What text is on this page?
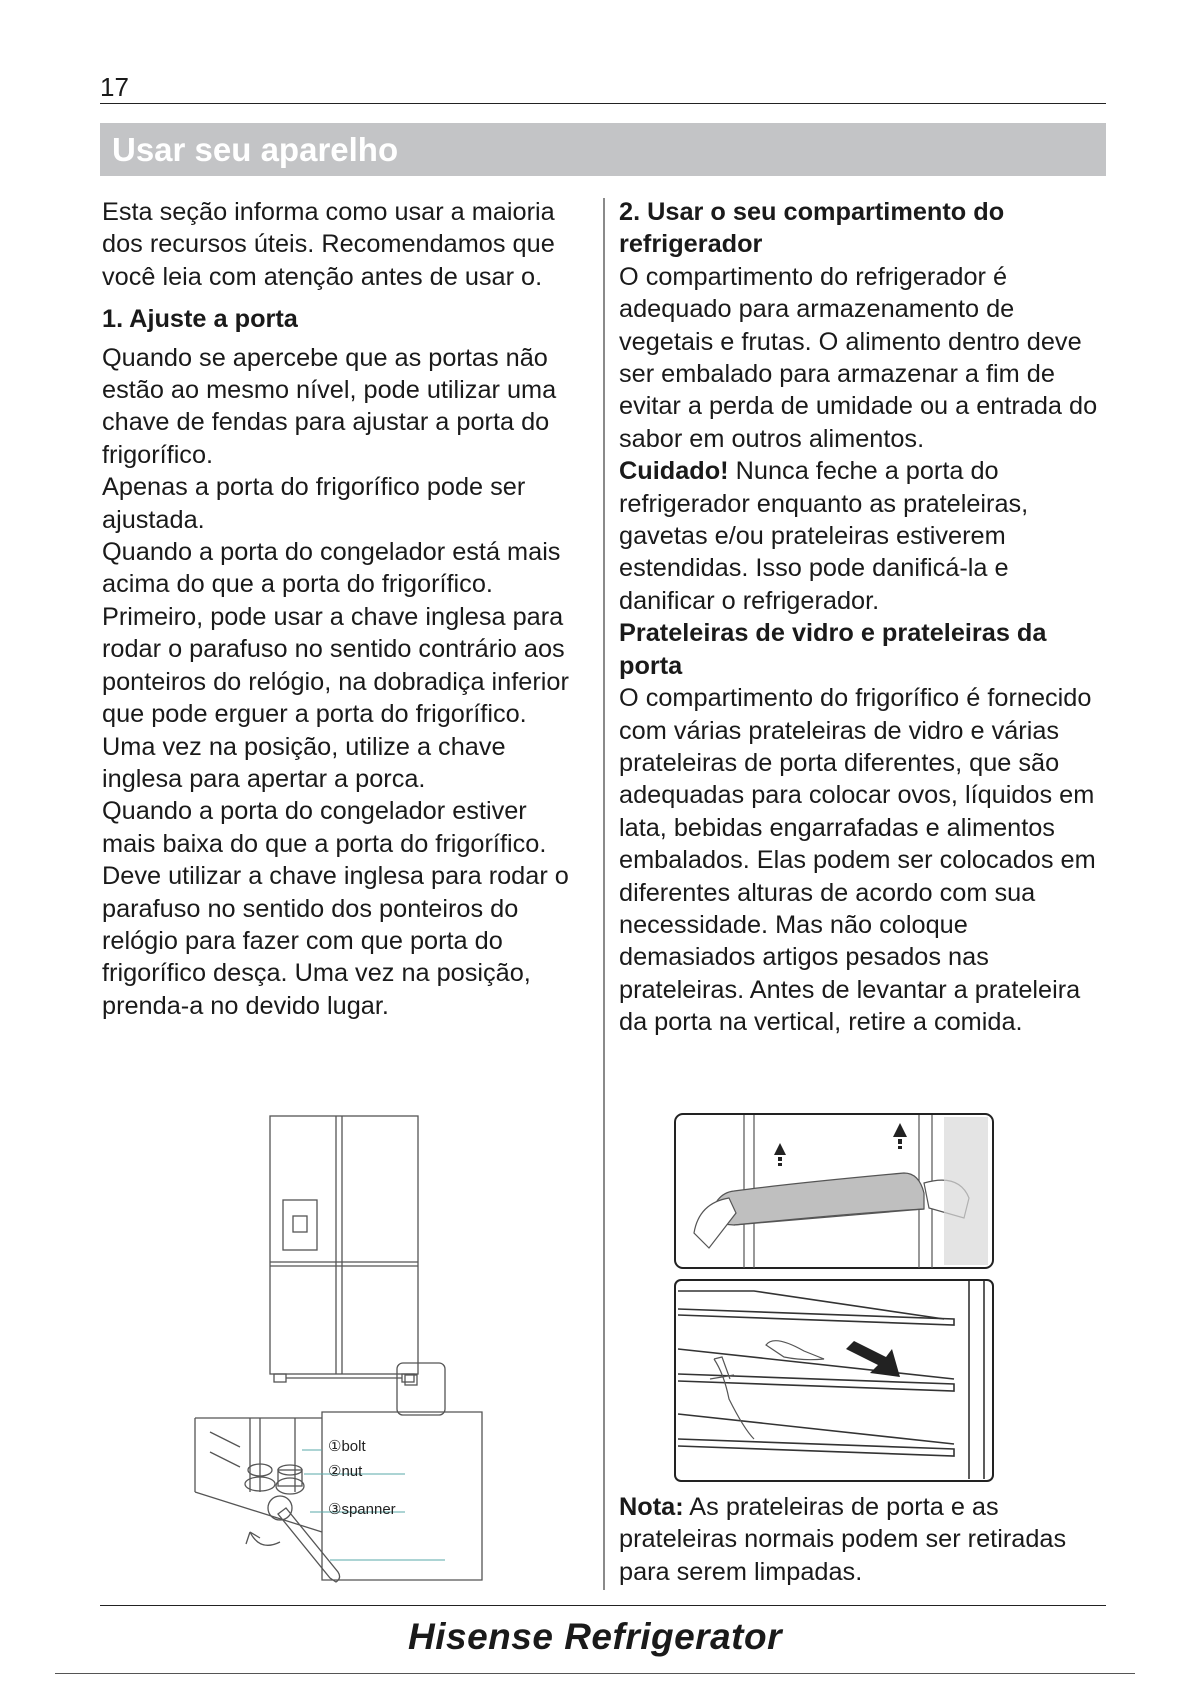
17
Usar seu aparelho

Esta seção informa como usar a maioria dos recursos úteis. Recomendamos que você leia com atenção antes de usar o.

1. Ajuste a porta

Quando se apercebe que as portas não estão ao mesmo nível, pode utilizar uma chave de fendas para ajustar a porta do frigorífico.

Apenas a porta do frigorífico pode ser ajustada.

Quando a porta do congelador está mais acima do que a porta do frigorífico. Primeiro, pode usar a chave inglesa para rodar o parafuso no sentido contrário aos ponteiros do relógio, na dobradiça inferior que pode erguer a porta do frigorífico. Uma vez na posição, utilize a chave inglesa para apertar a porca.

Quando a porta do congelador estiver mais baixa do que a porta do frigorífico. Deve utilizar a chave inglesa para rodar o parafuso no sentido dos ponteiros do relógio para fazer com que porta do frigorífico desça. Uma vez na posição, prenda-a no devido lugar.

2. Usar o seu compartimento do refrigerador

O compartimento do refrigerador é adequado para armazenamento de vegetais e frutas. O alimento dentro deve ser embalado para armazenar a fim de evitar a perda de umidade ou a entrada do sabor em outros alimentos.

Cuidado! Nunca feche a porta do refrigerador enquanto as prateleiras, gavetas e/ou prateleiras estiverem estendidas. Isso pode danificá-la e danificar o refrigerador.

Prateleiras de vidro e prateleiras da porta

O compartimento do frigorífico é fornecido com várias prateleiras de vidro e várias prateleiras de porta diferentes, que são adequadas para colocar ovos, líquidos em lata, bebidas engarrafadas e alimentos embalados. Elas podem ser colocados em diferentes alturas de acordo com sua necessidade. Mas não coloque demasiados artigos pesados nas prateleiras. Antes de levantar a prateleira da porta na vertical, retire a comida.

①bolt
②nut
③spanner	Nota: As prateleiras de porta e as prateleiras normais podem ser retiradas para serem limpadas.
Hisense Refrigerator
